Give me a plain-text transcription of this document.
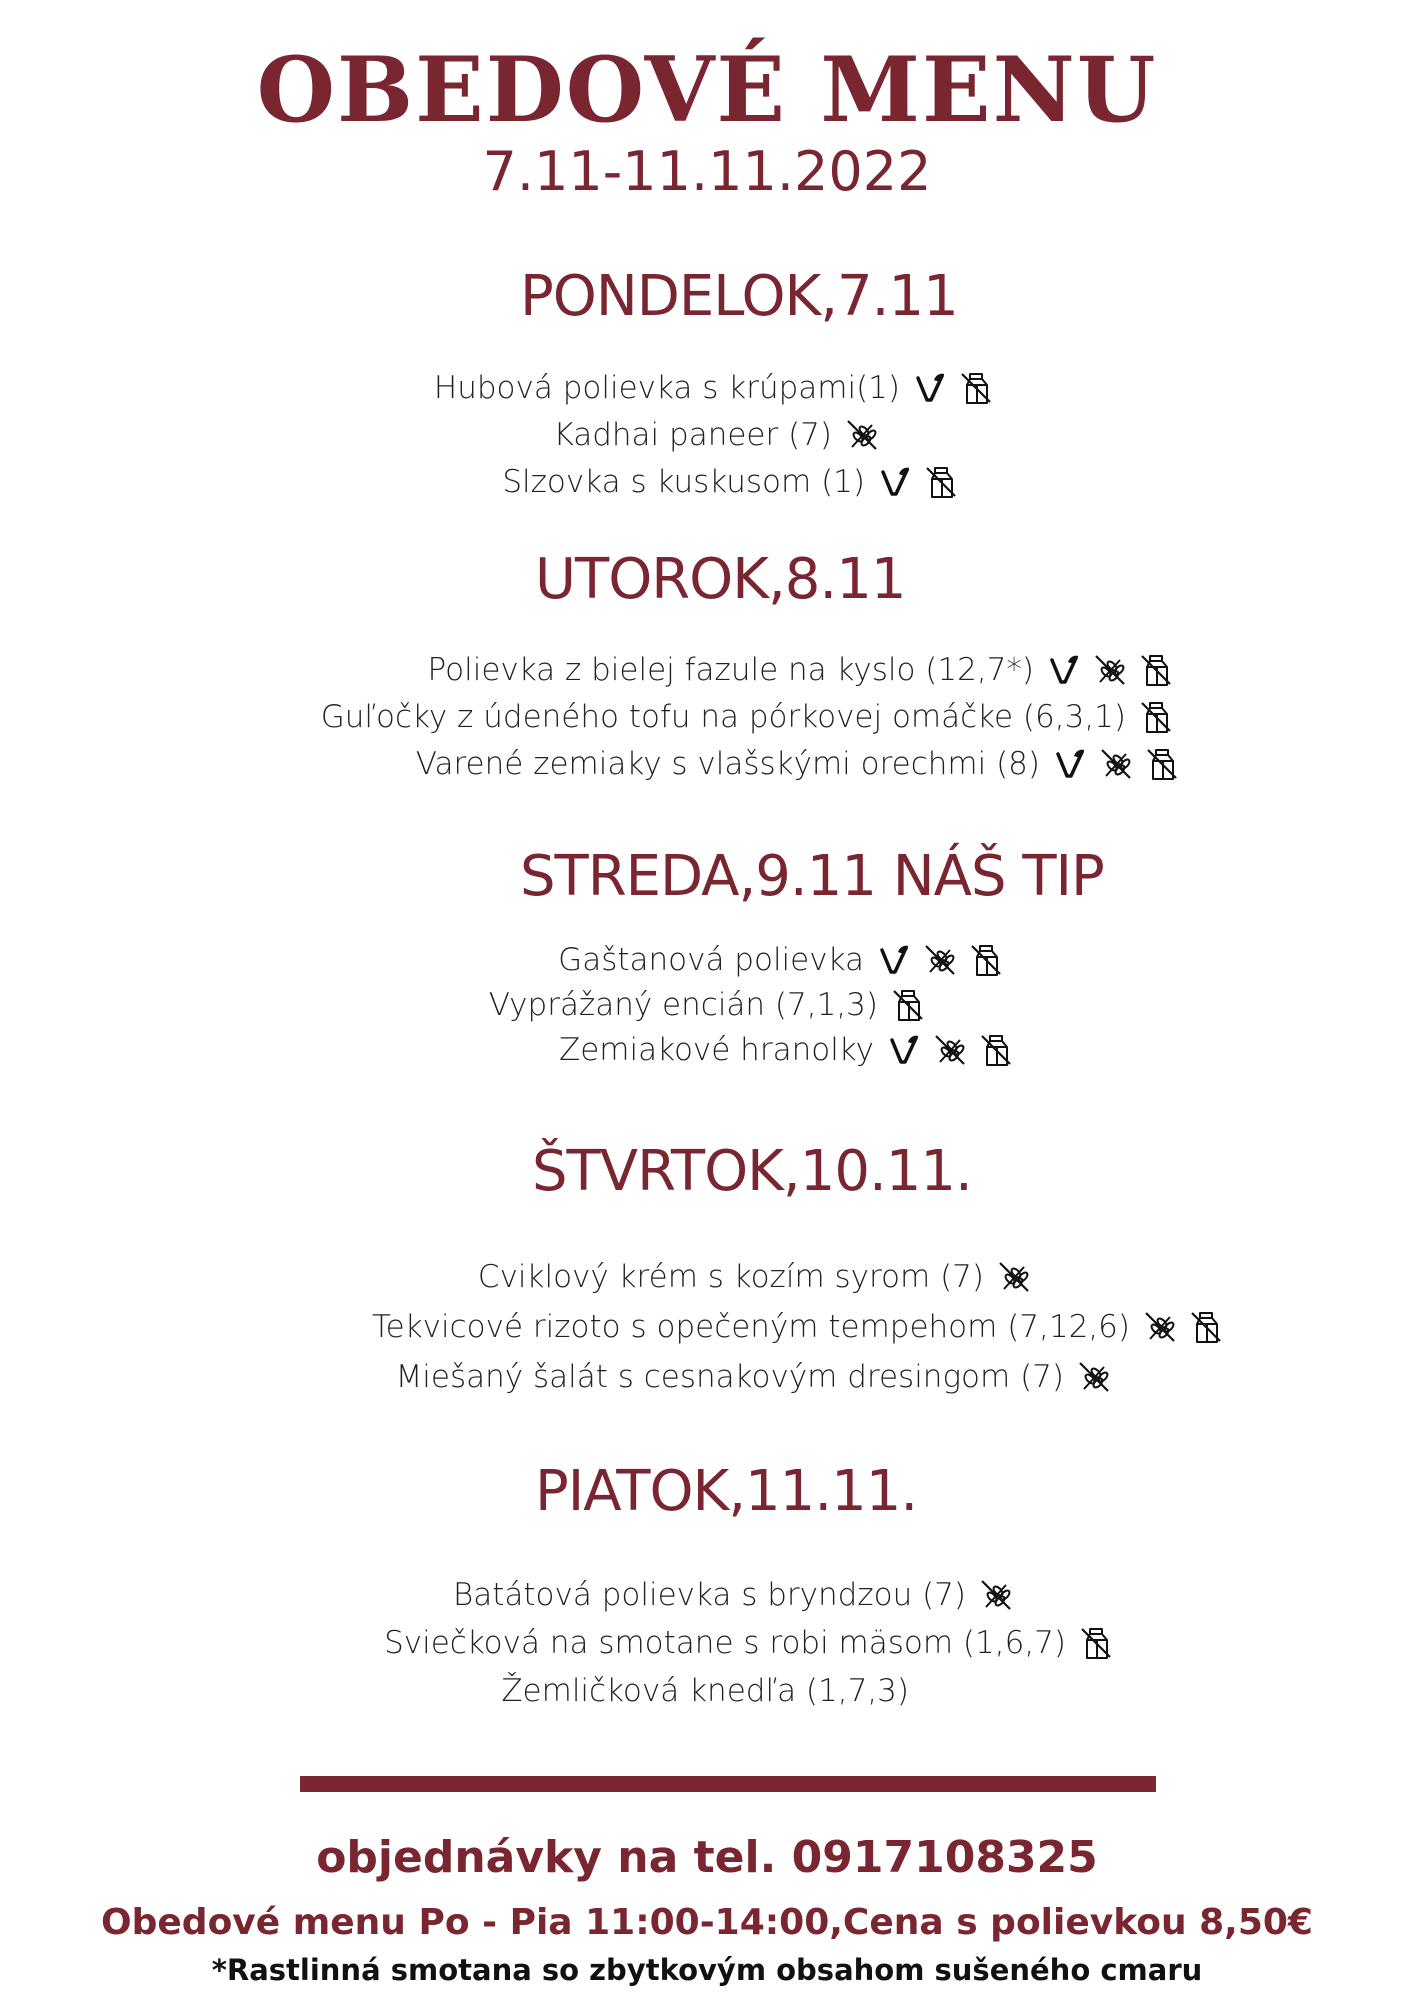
OBEDOVÉ MENU
7.11-11.11.2022
PONDELOK,7.11
Hubová polievka s krúpami(1)
Kadhai paneer (7)
Slzovka s kuskusom (1)
UTOROK,8.11
Polievka z bielej fazule na kyslo (12,7*)
Guľočky z údeného tofu na pórkovej omáčke (6,3,1)
Varené zemiaky s vlašskými orechmi (8)
STREDA,9.11 NÁŠ TIP
Gaštanová polievka
Vyprážaný encián (7,1,3)
Zemiakové hranolky
ŠTVRTOK,10.11.
Cviklový krém s kozím syrom (7)
Tekvicové rizoto s opečeným tempehom (7,12,6)
Miešaný šalát s cesnakovým dresingom (7)
PIATOK,11.11.
Batátová polievka s bryndzou (7)
Sviečková na smotane s robi mäsom (1,6,7)
Žemličková knedľa (1,7,3)
objednávky na tel. 0917108325
Obedové menu Po - Pia 11:00-14:00,Cena s polievkou 8,50€
*Rastlinná smotana so zbytkovým obsahom sušeného cmaru
